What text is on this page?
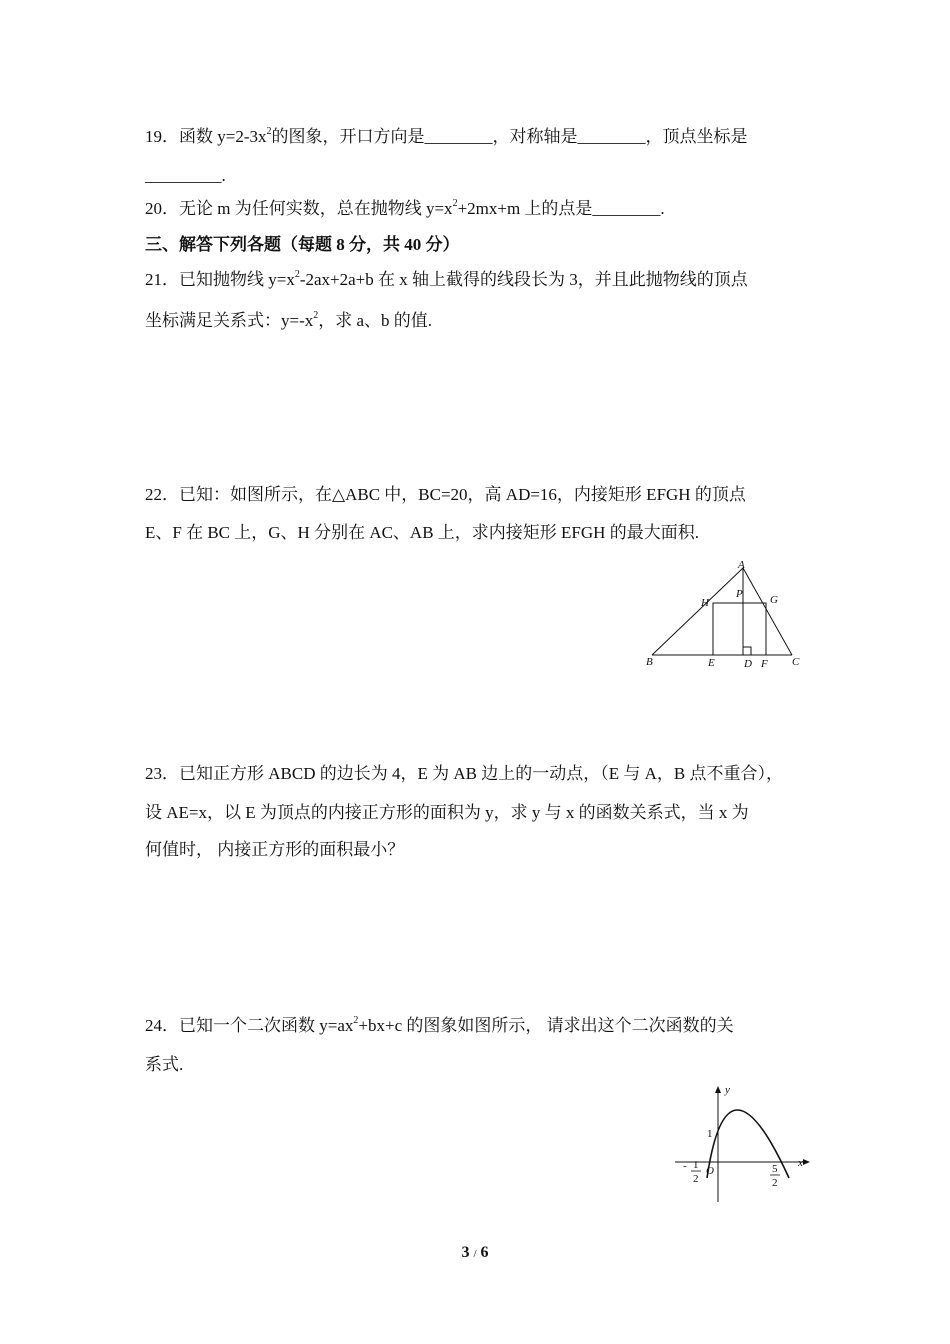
19．函数 $y=2-3x^2$的图象，开口方向是________，对称轴是________，顶点坐标是
_________.
20．无论 m 为任何实数，总在抛物线 $y=x^2+2mx+m$ 上的点是________.
三、解答下列各题（每题 8 分，共 40 分）
21．已知抛物线 $y=x^2-2ax+2a+b$ 在 x 轴上截得的线段长为 3，并且此抛物线的顶点
坐标满足关系式：$y=-x^2$，求 a、b 的值.
22．已知：如图所示，在△ABC 中，BC=20，高 AD=16，内接矩形 EFGH 的顶点
E、F 在 BC 上，G、H 分别在 AC、AB 上，求内接矩形 EFGH 的最大面积.
A
B	C
D
E	F
G
H
P
23．已知正方形 ABCD 的边长为 4，E 为 AB 边上的一动点，（E 与 A，B 点不重合），
设 AE=x，以 E 为顶点的内接正方形的面积为 y，求 y 与 x 的函数关系式，当 x 为
何值时， 内接正方形的面积最小？
24．已知一个二次函数 $y=ax^2+bx+c$ 的图象如图所示， 请求出这个二次函数的关
系式.
y
x
O
1
- 1
2
5
2
3 / 6
